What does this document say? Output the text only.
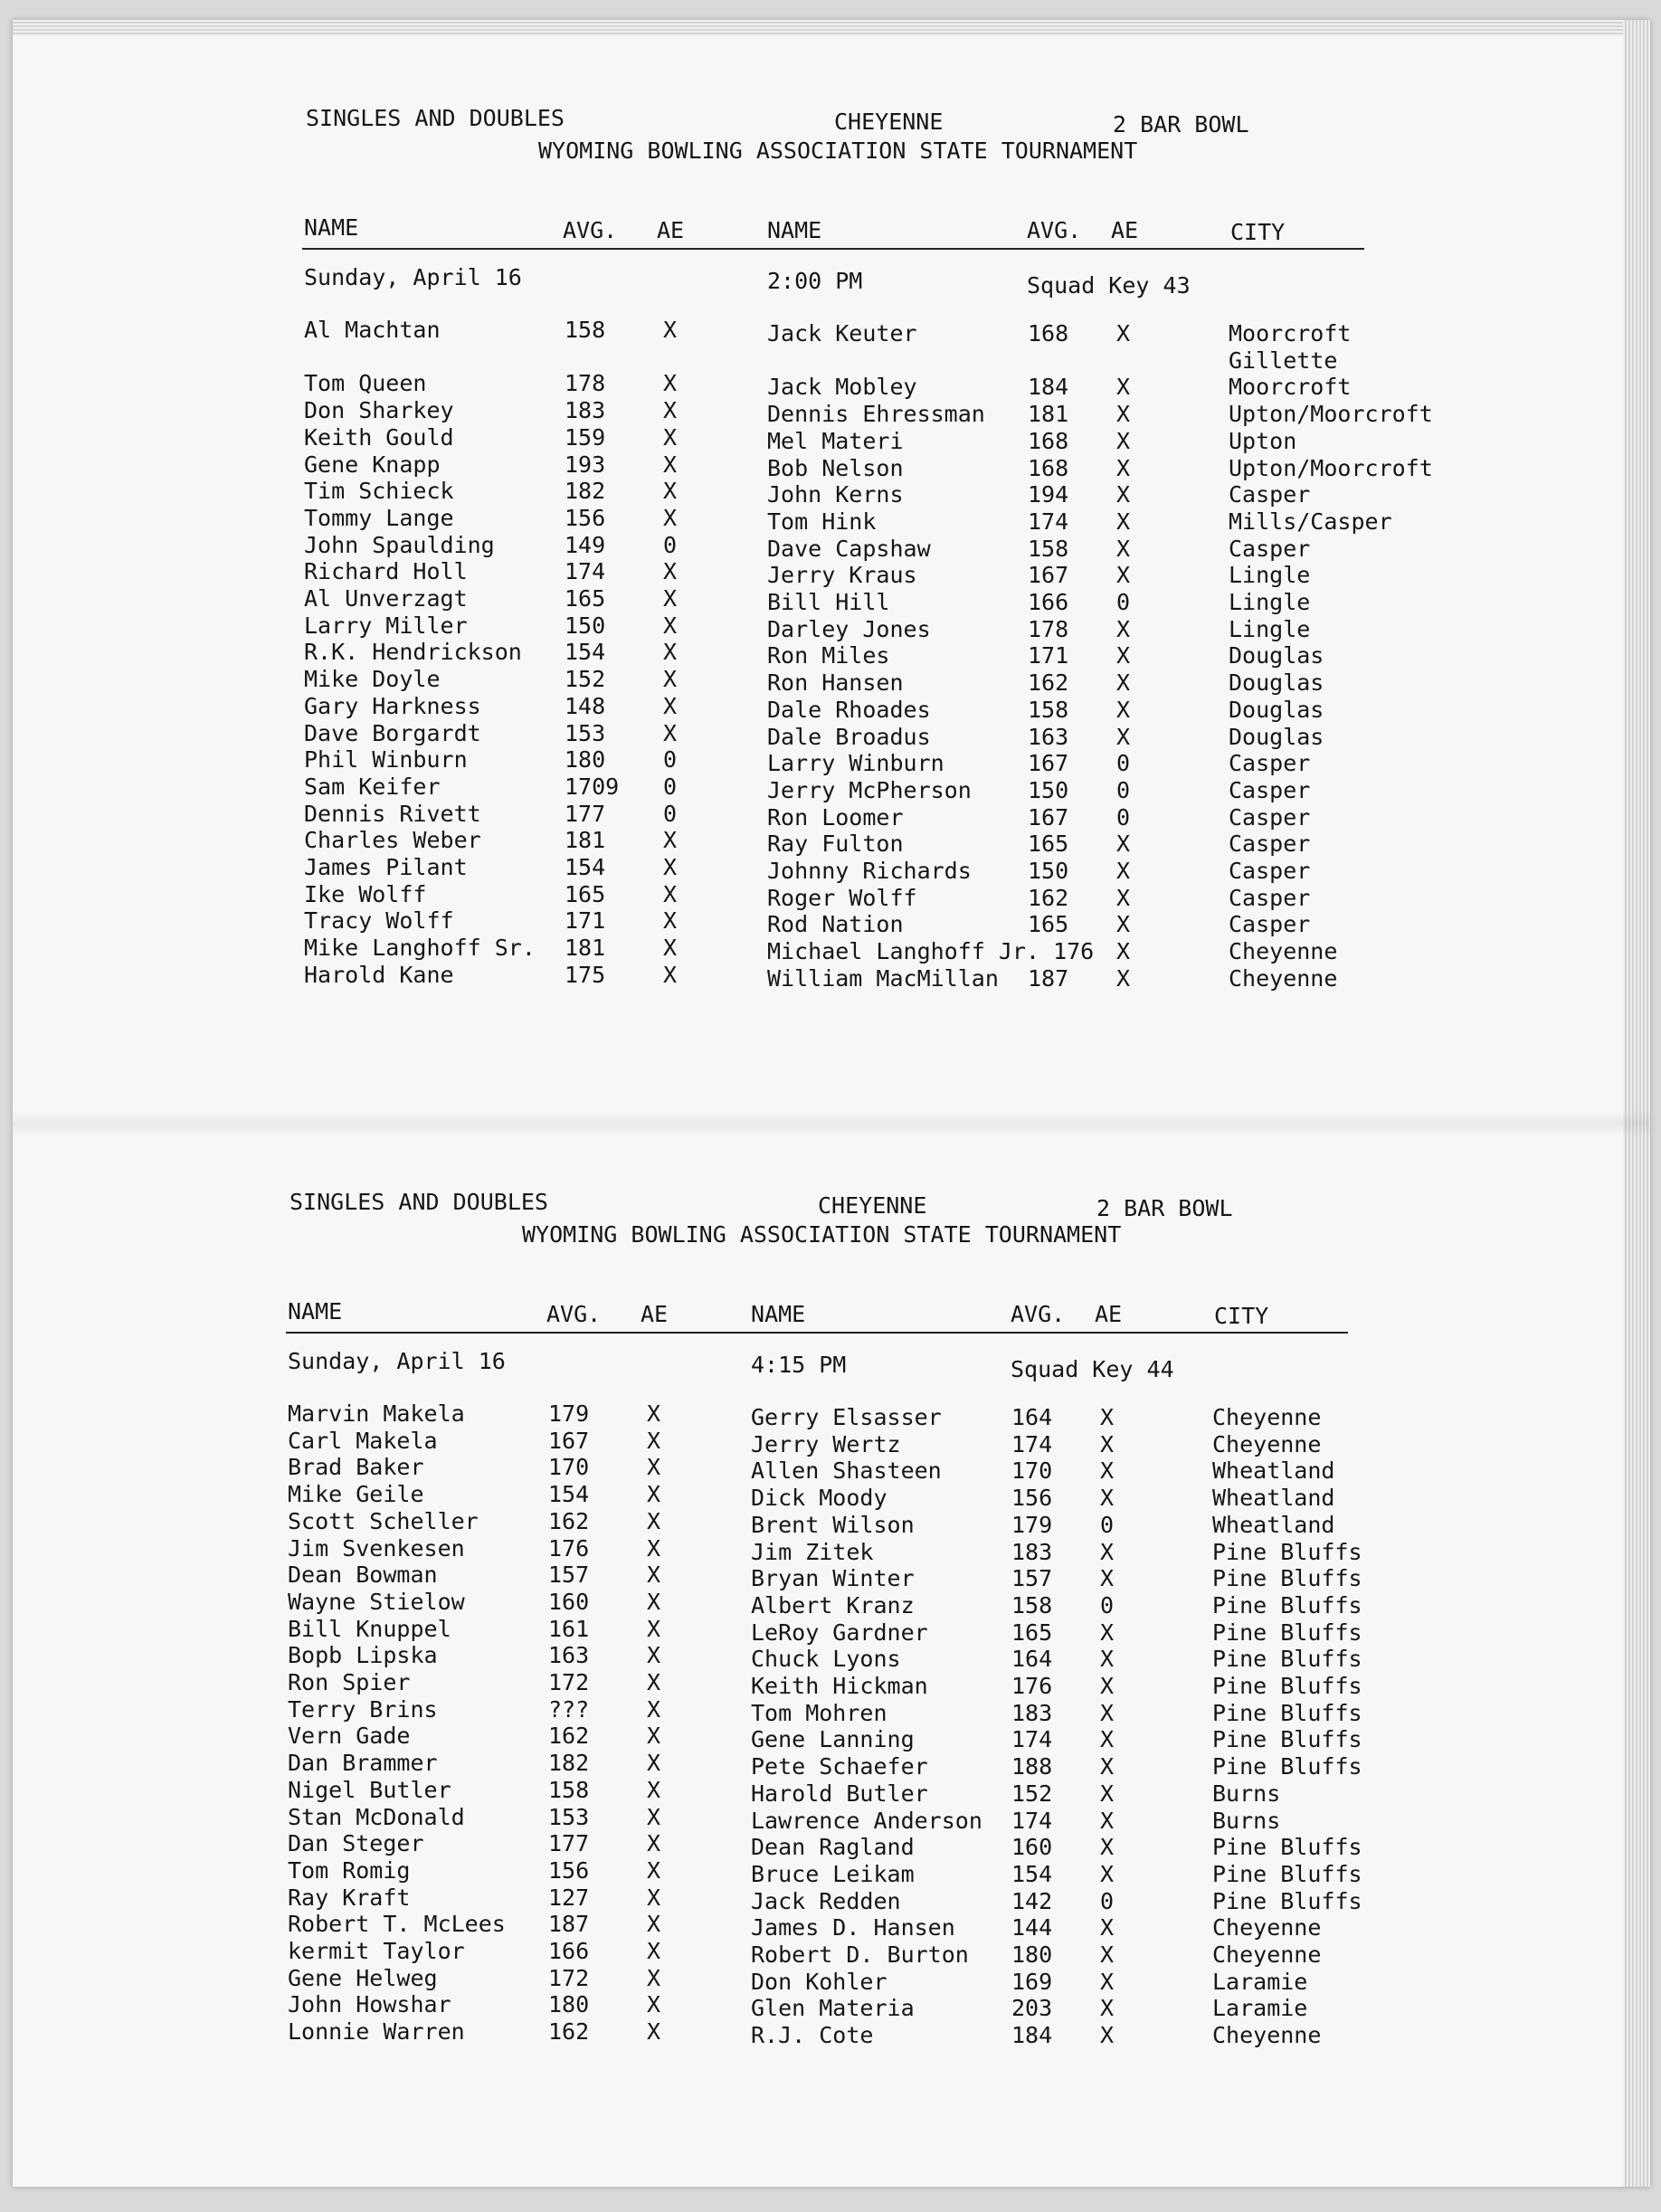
SINGLES AND DOUBLES	CHEYENNE	2 BAR BOWL
WYOMING BOWLING ASSOCIATION STATE TOURNAMENT
NAME	AVG. AE	NAME	AVG. AE	CITY
Sunday, April 16	2:00 PM	Squad Key 43
Al Machtan	158	X	Jack Keuter	168 X	Moorcroft
Gillette
Tom Queen	178	X	Jack Mobley	184 X	Moorcroft
Don Sharkey	183	X	Dennis Ehressman 181 X	Upton/Moorcroft
Keith Gould	159	X	Mel Materi	168 X	Upton
Gene Knapp	193	X	Bob Nelson	168 X	Upton/Moorcroft
Tim Schieck	182	X	John Kerns	194 X	Casper
Tommy Lange	156	X	Tom Hink	174 X	Mills/Casper
John Spaulding	149	0	Dave Capshaw	158 X	Casper
Richard Holl	174	X	Jerry Kraus	167 X	Lingle
Al Unverzagt	165	X	Bill Hill	166 0	Lingle
Larry Miller	150	X	Darley Jones	178 X	Lingle
R.K. Hendrickson 154	X	Ron Miles	171 X	Douglas
Mike Doyle	152	X	Ron Hansen	162 X	Douglas
Gary Harkness	148	X	Dale Rhoades	158 X	Douglas
Dave Borgardt	153	X	Dale Broadus	163 X	Douglas
Phil Winburn	180	0	Larry Winburn	167 0	Casper
Sam Keifer	1709 0	Jerry McPherson 150 0	Casper
Dennis Rivett	177	0	Ron Loomer	167 0	Casper
Charles Weber	181	X	Ray Fulton	165 X	Casper
James Pilant	154	X	Johnny Richards 150 X	Casper
Ike Wolff	165	X	Roger Wolff	162 X	Casper
Tracy Wolff	171	X	Rod Nation	165 X	Casper
Mike Langhoff Sr. 181	X	Michael Langhoff Jr. 176 X	Cheyenne
Harold Kane	175	X	William MacMillan 187 X	Cheyenne
SINGLES AND DOUBLES	CHEYENNE	2 BAR BOWL
WYOMING BOWLING ASSOCIATION STATE TOURNAMENT
NAME	AVG. AE	NAME	AVG. AE	CITY
Sunday, April 16	4:15 PM	Squad Key 44
Marvin Makela	179	X	Gerry Elsasser	164 X	Cheyenne
Carl Makela	167	X	Jerry Wertz	174 X	Cheyenne
Brad Baker	170	X	Allen Shasteen	170 X	Wheatland
Mike Geile	154	X	Dick Moody	156 X	Wheatland
Scott Scheller	162	X	Brent Wilson	179 0	Wheatland
Jim Svenkesen	176	X	Jim Zitek	183 X	Pine Bluffs
Dean Bowman	157	X	Bryan Winter	157 X	Pine Bluffs
Wayne Stielow	160	X	Albert Kranz	158 0	Pine Bluffs
Bill Knuppel	161	X	LeRoy Gardner	165 X	Pine Bluffs
Bopb Lipska	163	X	Chuck Lyons	164 X	Pine Bluffs
Ron Spier	172	X	Keith Hickman	176 X	Pine Bluffs
Terry Brins	???	X	Tom Mohren	183 X	Pine Bluffs
Vern Gade	162	X	Gene Lanning	174 X	Pine Bluffs
Dan Brammer	182	X	Pete Schaefer	188 X	Pine Bluffs
Nigel Butler	158	X	Harold Butler	152 X	Burns
Stan McDonald	153	X	Lawrence Anderson 174 X	Burns
Dan Steger	177	X	Dean Ragland	160 X	Pine Bluffs
Tom Romig	156	X	Bruce Leikam	154 X	Pine Bluffs
Ray Kraft	127	X	Jack Redden	142 0	Pine Bluffs
Robert T. McLees 187	X	James D. Hansen 144 X	Cheyenne
kermit Taylor	166	X	Robert D. Burton 180 X	Cheyenne
Gene Helweg	172	X	Don Kohler	169 X	Laramie
John Howshar	180	X	Glen Materia	203 X	Laramie
Lonnie Warren	162	X	R.J. Cote	184 X	Cheyenne
